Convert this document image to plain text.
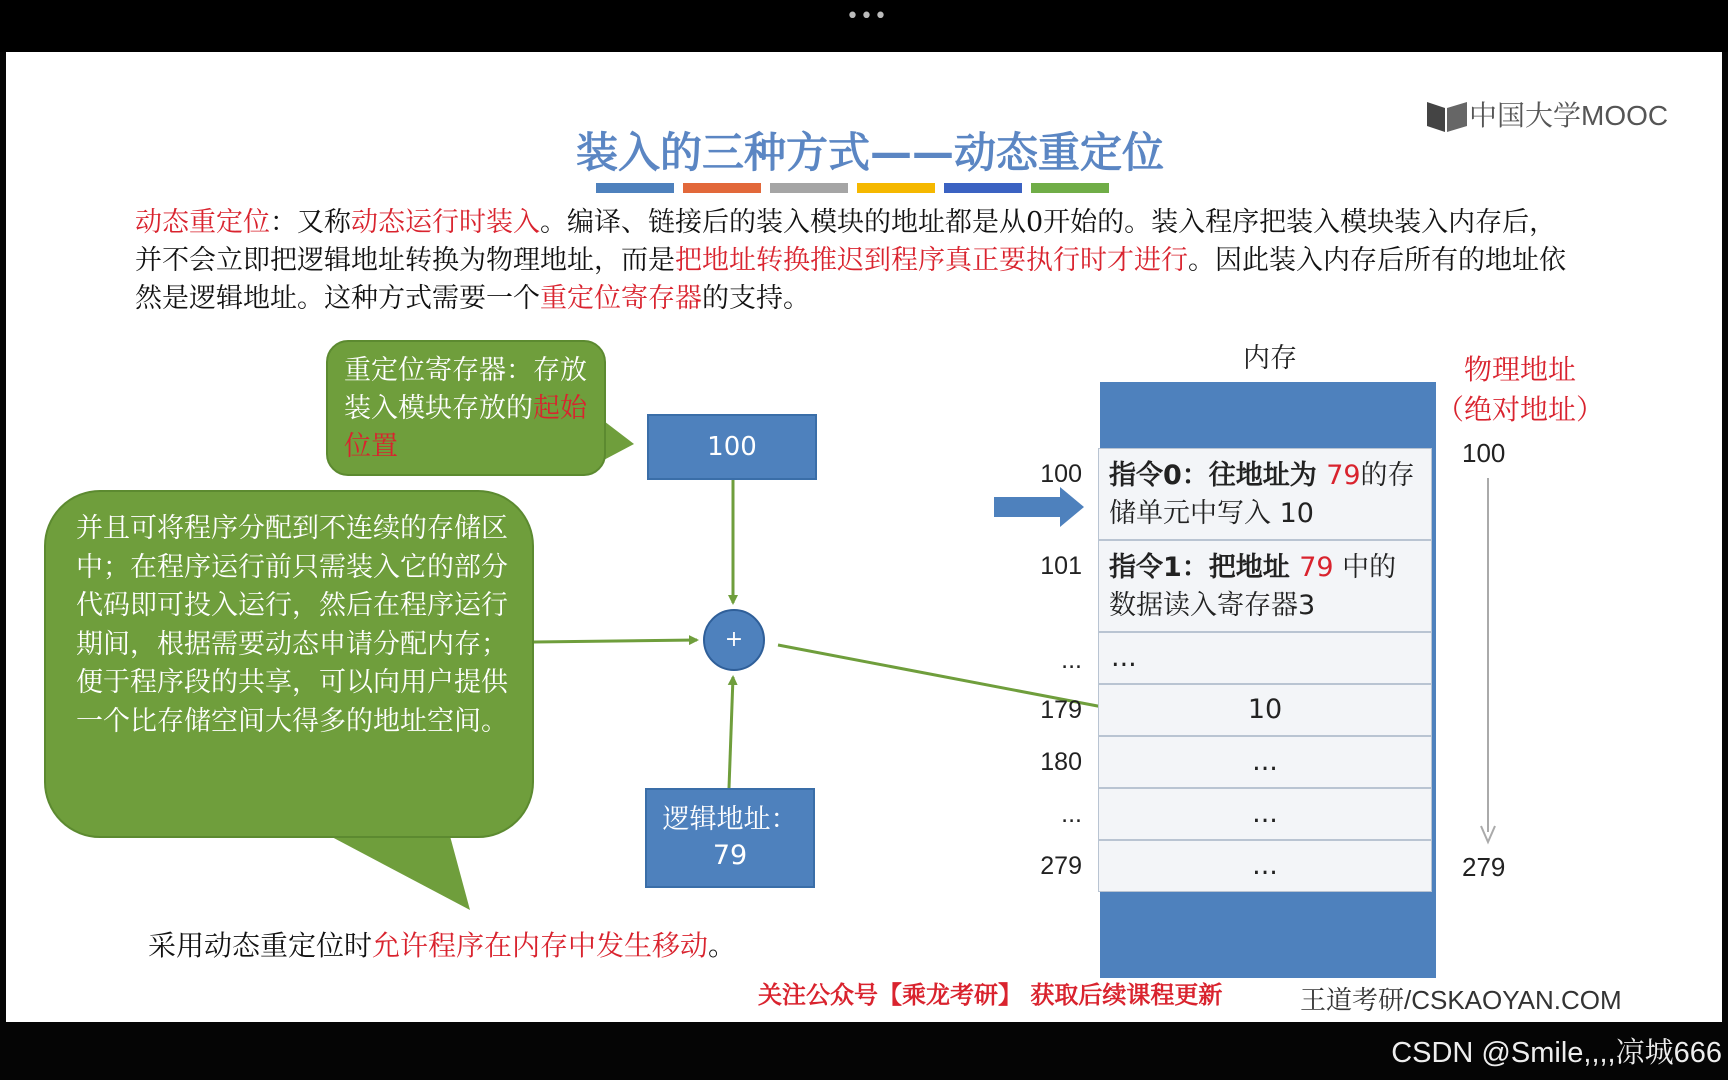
•••
中国大学MOOC
装入的三种方式——动态重定位
动态重定位：又称动态运行时装入。编译、链接后的装入模块的地址都是从0开始的。装入程序把装入模块装入内存后，并不会立即把逻辑地址转换为物理地址，而是把地址转换推迟到程序真正要执行时才进行。因此装入内存后所有的地址依然是逻辑地址。这种方式需要一个重定位寄存器的支持。
重定位寄存器：存放装入模块存放的起始位置
并且可将程序分配到不连续的存储区中；在程序运行前只需装入它的部分代码即可投入运行，然后在程序运行期间，根据需要动态申请分配内存；便于程序段的共享，可以向用户提供一个比存储空间大得多的地址空间。
100
+
逻辑地址：
79
内存
指令0：往地址为 79的存储单元中写入 10
指令1：把地址 79 中的数据读入寄存器3
...
10
...
...
...
100
101
...
179
180
...
279
物理地址
（绝对地址）
100
279
采用动态重定位时允许程序在内存中发生移动。
关注公众号【乘龙考研】 获取后续课程更新	王道考研/CSKAOYAN.COM
CSDN @Smile,,,,凉城666
